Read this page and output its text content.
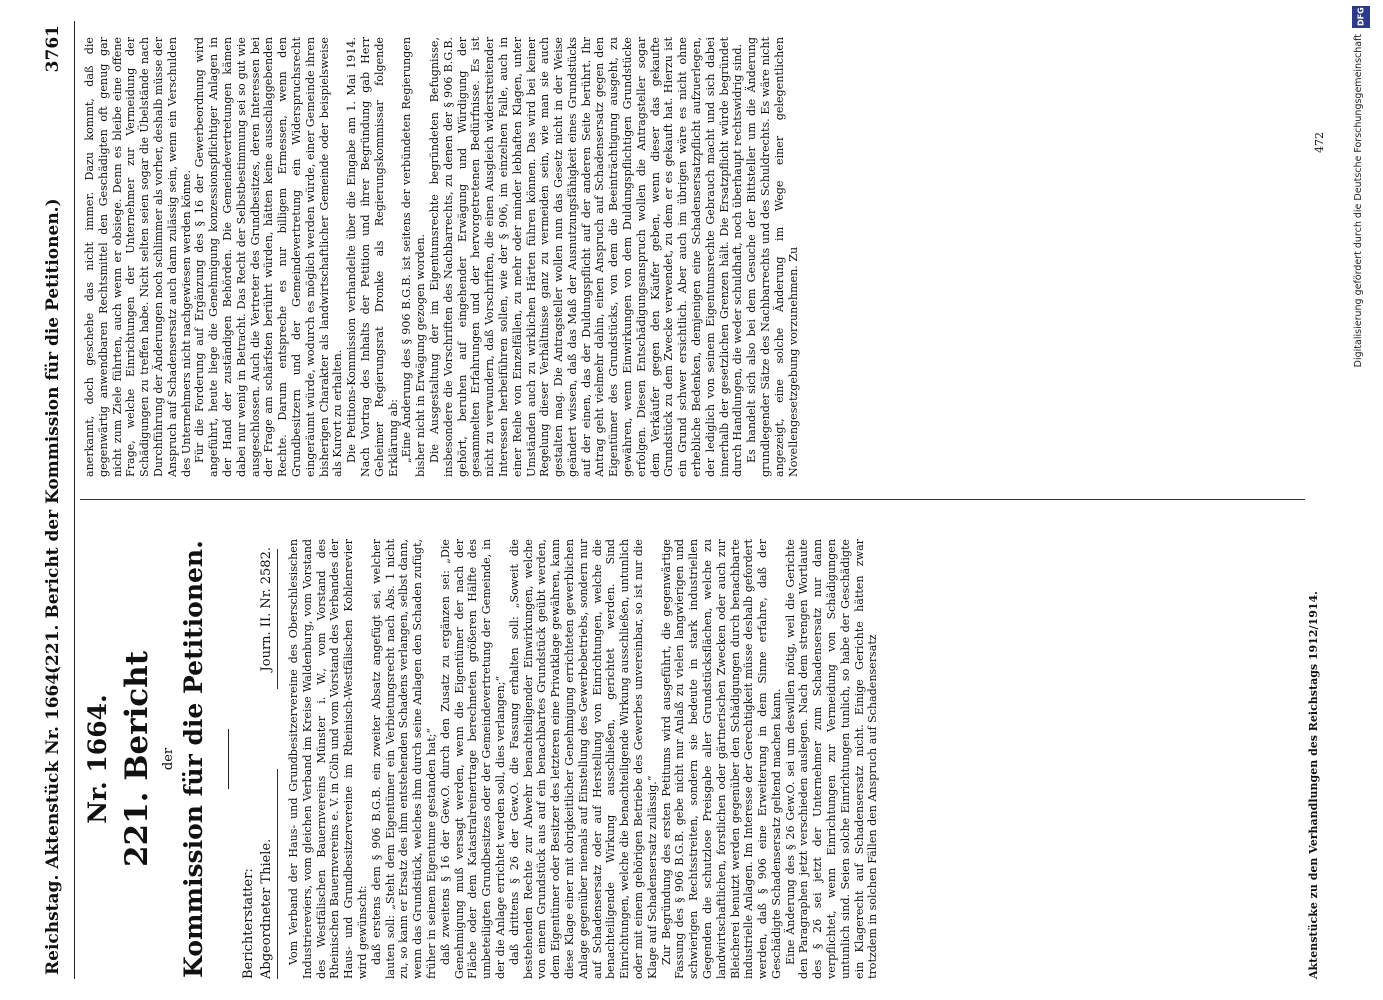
Reichstag. Aktenstück Nr. 1664.
(221. Bericht der Kommission für die Petitionen.)
3761
Nr. 1664. 221. Bericht der Kommission für die Petitionen.	Berichterstatter: Abgeordneter Thiele.
Journ. II. Nr. 2582. Vom Verband der Haus- und Grundbesitzervereine des Oberschlesischen Industriereviers, vom gleichen Verband im Kreise Waldenburg, vom Vorstand des Westfälischen Bauernvereins Münster i. W., vom Vorstand des Rheinischen Bauernvereins e. V. in Cöln und vom Vorstand des Verbandes der Haus- und Grundbesitzervereine im Rheinisch-Westfälischen Kohlenrevier wird gewünscht: daß erstens dem § 906 B.G.B. ein zweiter Absatz angefügt sei, welcher lauten soll: „Steht dem Eigentümer ein Verbietungsrecht nach Abs. 1 nicht zu, so kann er Ersatz des ihm entstehenden Schadens verlangen, selbst dann, wenn das Grundstück, welches ihm durch seine Anlagen den Schaden zufügt, früher in seinem Eigentume gestanden hat;“ daß zweitens § 16 der Gew.O. durch den Zusatz zu ergänzen sei: „Die Genehmigung muß versagt werden, wenn die Eigentümer der nach der Fläche oder dem Katastralreinertrage berechneten größeren Hälfte des umbeteiligten Grundbesitzes oder der Gemeindevertretung der Gemeinde, in der die Anlage errichtet werden soll, dies verlangen;“ daß drittens § 26 der Gew.O. die Fassung erhalten soll: „Soweit die bestehenden Rechte zur Abwehr benachteiligender Einwirkungen, welche von einem Grundstück aus auf ein benachbartes Grundstück geübt werden, dem Eigentümer oder Besitzer des letzteren eine Privatklage gewähren, kann diese Klage einer mit obrigkeitlicher Genehmigung errichteten gewerblichen Anlage gegenüber niemals auf Einstellung des Gewerbebetriebs, sondern nur auf Schadensersatz oder auf Herstellung von Einrichtungen, welche die benachteiligende Wirkung ausschließen, gerichtet werden. Sind Einrichtungen, welche die benachteiligende Wirkung ausschließen, untunlich oder mit einem gehörigen Betriebe des Gewerbes unvereinbar, so ist nur die Klage auf Schadensersatz zulässig.“ Zur Begründung des ersten Petitums wird ausgeführt, die gegenwärtige Fassung des § 906 B.G.B. gebe nicht nur Anlaß zu vielen langwierigen und schwierigen Rechtsstreiten, sondern sie bedeute in stark industriellen Gegenden die schutzlose Preisgabe aller Grundstücksflächen, welche zu landwirtschaftlichen, forstlichen oder gärtnerischen Zwecken oder auch zur Bleicherei benutzt werden gegenüber den Schädigungen durch benachbarte industrielle Anlagen. Im Interesse der Gerechtigkeit müsse deshalb gefordert werden, daß § 906 eine Erweiterung in dem Sinne erfahre, daß der Geschädigte Schadensersatz geltend machen kann. Eine Änderung des § 26 Gew.O. sei um deswillen nötig, weil die Gerichte den Paragraphen jetzt verschieden auslegen. Nach dem strengen Wortlaute des § 26 sei jetzt der Unternehmer zum Schadensersatz nur dann verpflichtet, wenn Einrichtungen zur Vermeidung von Schädigungen untunlich sind. Seien solche Einrichtungen tunlich, so habe der Geschädigte ein Klagerecht auf Schadensersatz nicht. Einige Gerichte hätten zwar trotzdem in solchen Fällen den Anspruch auf Schadensersatz

anerkannt, doch geschehe das nicht immer. Dazu kommt, daß die gegenwärtig anwendbaren Rechtsmittel den Geschädigten oft genug gar nicht zum Ziele führten, auch wenn er obsiege. Denn es bleibe eine offene Frage, welche Einrichtungen der Unternehmer zur Vermeidung der Schädigungen zu treffen habe. Nicht selten seien sogar die Übelstände nach Durchführung der Änderungen noch schlimmer als vorher, deshalb müsse der Anspruch auf Schadensersatz auch dann zulässig sein, wenn ein Verschulden des Unternehmers nicht nachgewiesen werden könne. Für die Forderung auf Ergänzung des § 16 der Gewerbeordnung wird angeführt, heute liege die Genehmigung konzessionspflichtiger Anlagen in der Hand der zuständigen Behörden. Die Gemeindevertretungen kämen dabei nur wenig in Betracht. Das Recht der Selbstbestimmung sei so gut wie ausgeschlossen. Auch die Vertreter des Grundbesitzes, deren Interessen bei der Frage am schärfsten berührt würden, hätten keine ausschlaggebenden Rechte. Darum entspreche es nur billigem Ermessen, wenn den Grundbesitzern und der Gemeindevertretung ein Widerspruchsrecht eingeräumt würde, wodurch es möglich werden würde, einer Gemeinde ihren bisherigen Charakter als landwirtschaftlicher Gemeinde oder beispielsweise als Kurort zu erhalten. Die Petitions-Kommission verhandelte über die Eingabe am 1. Mai 1914. Nach Vortrag des Inhalts der Petition und ihrer Begründung gab Herr Geheimer Regierungsrat Dronke als Regierungskommissar folgende Erklärung ab: „Eine Änderung des § 906 B.G.B. ist seitens der verbündeten Regierungen bisher nicht in Erwägung gezogen worden. Die Ausgestaltung der im Eigentumsrechte begründeten Befugnisse, insbesondere die Vorschriften des Nachbarrechts, zu denen der § 906 B.G.B. gehört, beruhen auf eingehender Erwägung und Würdigung der gesammelten Erfahrungen und der hervorgetretenen Bedürfnisse. Es ist nicht zu verwundern, daß Vorschriften, die einen Ausgleich widerstreitender Interessen herbeiführen sollen, wie der § 906, im einzelnen Falle, auch in einer Reihe von Einzelfällen, zu mehr oder minder lebhaften Klagen, unter Umständen auch zu wirklichen Härten führen können. Das wird bei keiner Regelung dieser Verhältnisse ganz zu vermeiden sein, wie man sie auch gestalten mag. Die Antragsteller wollen nun das Gesetz nicht in der Weise geändert wissen, daß das Maß der Ausnutzungsfähigkeit eines Grundstücks auf der einen, das der Duldungspflicht auf der anderen Seite berührt. Ihr Antrag geht vielmehr dahin, einen Anspruch auf Schadensersatz gegen den Eigentümer des Grundstücks, von dem die Beeinträchtigung ausgeht, zu gewähren, wenn Einwirkungen von dem Duldungspflichtigen Grundstücke erfolgen. Diesen Entschädigungsanspruch wollen die Antragsteller sogar dem Verkäufer gegen den Käufer geben, wenn dieser das gekaufte Grundstück zu dem Zwecke verwendet, zu dem er es gekauft hat. Hierzu ist ein Grund schwer ersichtlich. Aber auch im übrigen wäre es nicht ohne erhebliche Bedenken, demjenigen eine Schadensersatzpflicht aufzuerlegen, der lediglich von seinem Eigentumsrechte Gebrauch macht und sich dabei innerhalb der gesetzlichen Grenzen hält. Die Ersatzpflicht würde begründet durch Handlungen, die weder schuldhaft, noch überhaupt rechtswidrig sind. Es handelt sich also bei dem Gesuche der Bittsteller um die Änderung grundlegender Sätze des Nachbarrechts und des Schuldrechts. Es wäre nicht angezeigt, eine solche Änderung im Wege einer gelegentlichen Novellengesetzgebung vorzunehmen. Zu

Aktenstücke zu den Verhandlungen des Reichstags 1912/1914.
472
DFG
Digitalisierung gefördert durch die Deutsche Forschungsgemeinschaft
